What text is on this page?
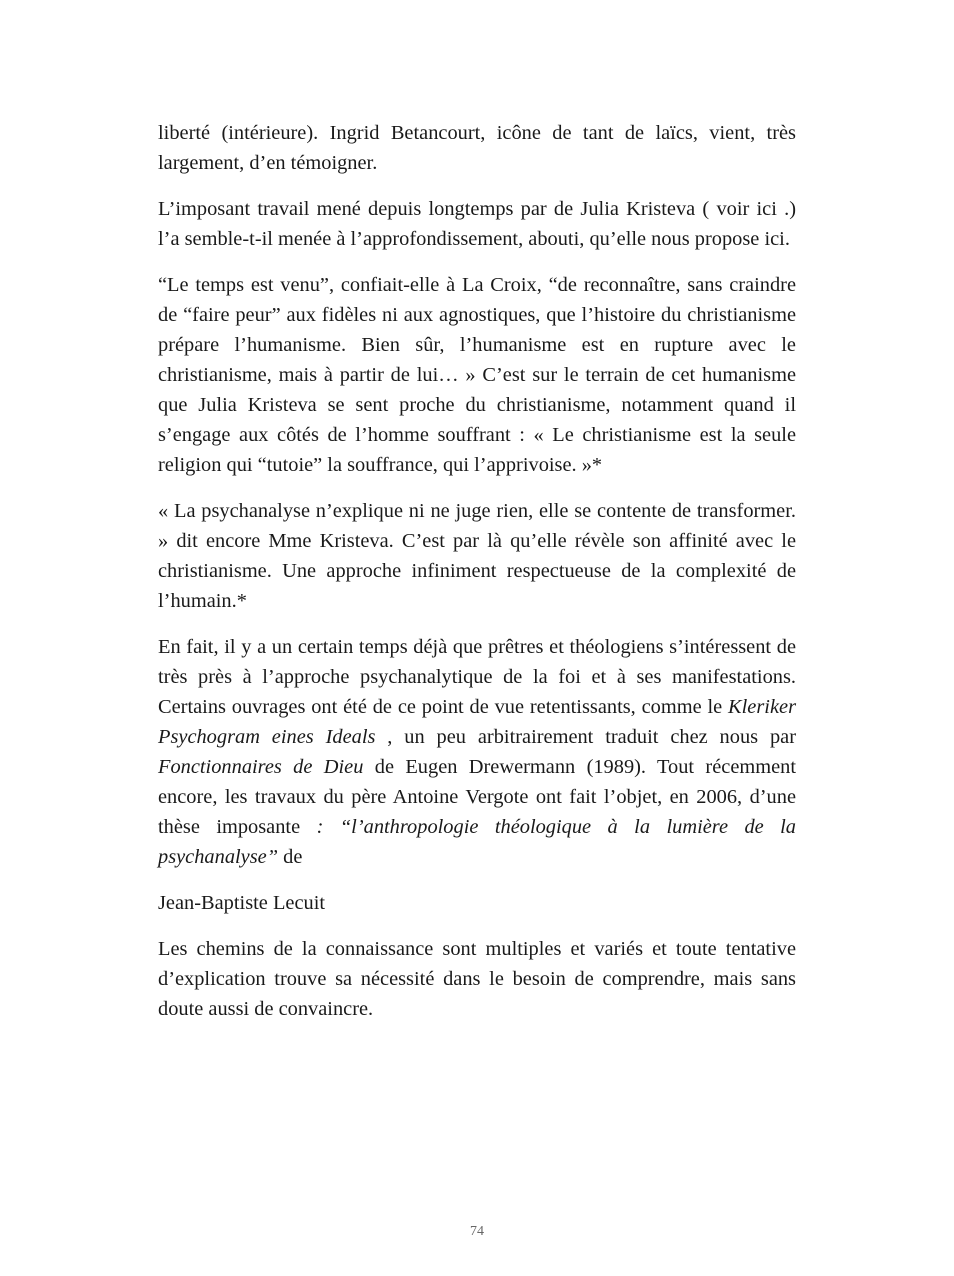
liberté (intérieure). Ingrid Betancourt, icône de tant de laïcs, vient, très largement, d’en témoigner.

L’imposant travail mené depuis longtemps par de Julia Kristeva ( voir ici .) l’a semble-t-il menée à l’approfondissement, abouti, qu’elle nous propose ici.

“Le temps est venu”, confiait-elle à La Croix, “de reconnaître, sans craindre de “faire peur” aux fidèles ni aux agnostiques, que l’histoire du christianisme prépare l’humanisme. Bien sûr, l’humanisme est en rupture avec le christianisme, mais à partir de lui… » C’est sur le terrain de cet humanisme que Julia Kristeva se sent proche du christianisme, notamment quand il s’engage aux côtés de l’homme souffrant : « Le christianisme est la seule religion qui “tutoie” la souffrance, qui l’apprivoise. »*

« La psychanalyse n’explique ni ne juge rien, elle se contente de transformer. » dit encore Mme Kristeva. C’est par là qu’elle révèle son affinité avec le christianisme. Une approche infiniment respectueuse de la complexité de l’humain.*

En fait, il y a un certain temps déjà que prêtres et théologiens s’intéressent de très près à l’approche psychanalytique de la foi et à ses manifestations. Certains ouvrages ont été de ce point de vue retentissants, comme le Kleriker Psychogram eines Ideals , un peu arbitrairement traduit chez nous par Fonctionnaires de Dieu de Eugen Drewermann (1989). Tout récemment encore, les travaux du père Antoine Vergote ont fait l’objet, en 2006, d’une thèse imposante : “l’anthropologie théologique à la lumière de la psychanalyse” de

Jean-Baptiste Lecuit

Les chemins de la connaissance sont multiples et variés et toute tentative d’explication trouve sa nécessité dans le besoin de comprendre, mais sans doute aussi de convaincre.

74
